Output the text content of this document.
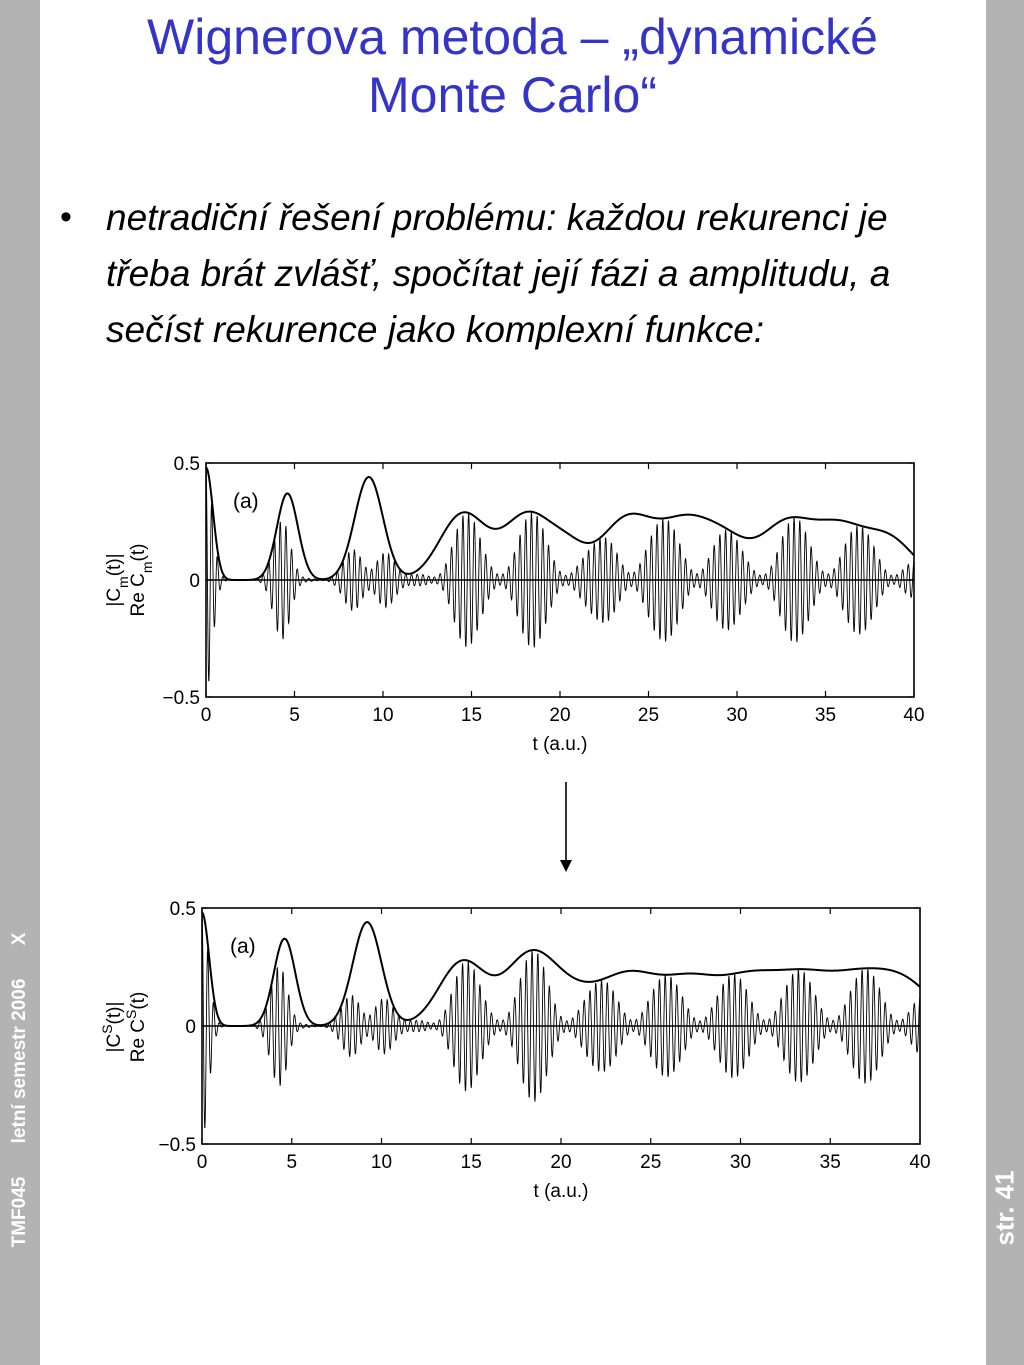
TMF045 letní semestr 2006 X
str. 41
Wignerova metoda – „dynamické
Monte Carlo“
• netradiční řešení problému: každou rekurenci je třeba brát zvlášť, spočítat její fázi a amplitudu, a sečíst rekurence jako komplexní funkce:
0	5	10	15	20	25	30	35	40
0.5
0
−0.5
(a)
t (a.u.)
$|C_m(t)|$
Re $C_m(t)$
0	5	10	15	20	25	30	35	40
0.5
0
−0.5
(a)
t (a.u.)
$|C^S(t)|$
Re $C^S(t)$
